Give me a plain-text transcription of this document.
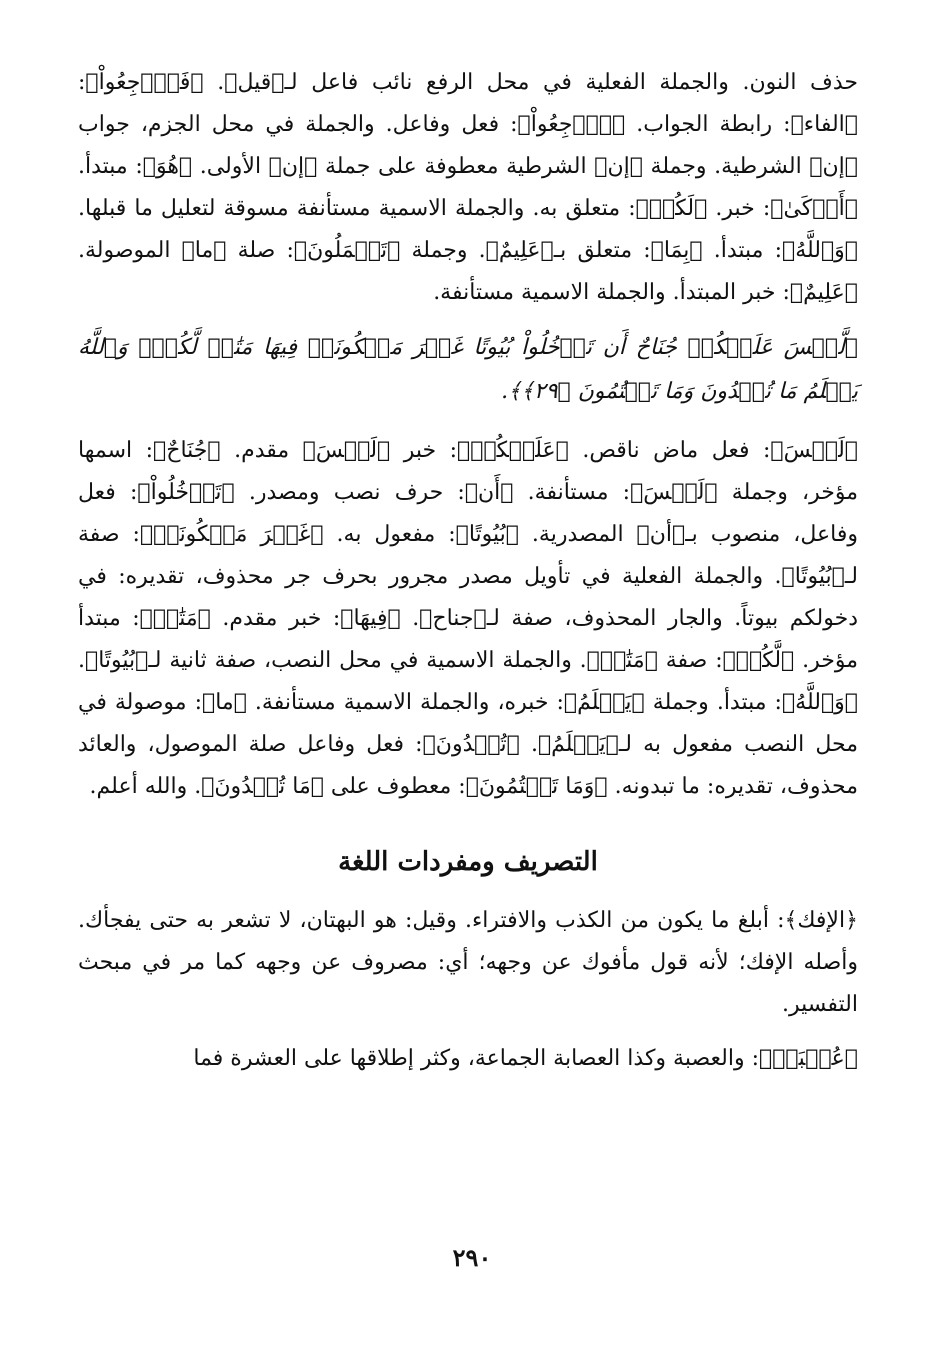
حذف النون. والجملة الفعلية في محل الرفع نائب فاعل لـ﴿قيل﴾. ﴿فَٱرۡجِعُواْ﴾: ﴿الفاء﴾: رابطة الجواب. ﴿ٱرۡجِعُواْ﴾: فعل وفاعل. والجملة في محل الجزم، جواب ﴿إن﴾ الشرطية. وجملة ﴿إن﴾ الشرطية معطوفة على جملة ﴿إن﴾ الأولى. ﴿هُوَ﴾: مبتدأ. ﴿أَزۡكَىٰ﴾: خبر. ﴿لَكُمۡ﴾: متعلق به. والجملة الاسمية مستأنفة مسوقة لتعليل ما قبلها. ﴿وَٱللَّهُ﴾: مبتدأ. ﴿بِمَا﴾: متعلق بـ﴿عَلِيمٌ﴾. وجملة ﴿تَعۡمَلُونَ﴾: صلة ﴿ما﴾ الموصولة. ﴿عَلِيمٌ﴾: خبر المبتدأ. والجملة الاسمية مستأنفة.

﴿لَّيۡسَ عَلَيۡكُمۡ جُنَاحٌ أَن تَدۡخُلُواْ بُيُوتًا غَيۡرَ مَسۡكُونَةٖ فِيهَا مَتَٰعٞ لَّكُمۡۚ وَٱللَّهُ يَعۡلَمُ مَا تُبۡدُونَ وَمَا تَكۡتُمُونَ ﴿٢٩﴾﴾.

﴿لَيۡسَ﴾: فعل ماض ناقص. ﴿عَلَيۡكُمۡ﴾: خبر ﴿لَيۡسَ﴾ مقدم. ﴿جُنَاحٌ﴾: اسمها مؤخر، وجملة ﴿لَيۡسَ﴾: مستأنفة. ﴿أَن﴾: حرف نصب ومصدر. ﴿تَدۡخُلُواْ﴾: فعل وفاعل، منصوب بـ﴿أن﴾ المصدرية. ﴿بُيُوتًا﴾: مفعول به. ﴿غَيۡرَ مَسۡكُونَةٖ﴾: صفة لـ﴿بُيُوتًا﴾. والجملة الفعلية في تأويل مصدر مجرور بحرف جر محذوف، تقديره: في دخولكم بيوتاً. والجار المحذوف، صفة لـ﴿جناح﴾. ﴿فِيهَا﴾: خبر مقدم. ﴿مَتَٰعٞ﴾: مبتدأ مؤخر. ﴿لَّكُمۡ﴾: صفة ﴿مَتَٰعٞ﴾. والجملة الاسمية في محل النصب، صفة ثانية لـ﴿بُيُوتًا﴾. ﴿وَٱللَّهُ﴾: مبتدأ. وجملة ﴿يَعۡلَمُ﴾: خبره، والجملة الاسمية مستأنفة. ﴿ما﴾: موصولة في محل النصب مفعول به لـ﴿يَعۡلَمُ﴾. ﴿تُبۡدُونَ﴾: فعل وفاعل صلة الموصول، والعائد محذوف، تقديره: ما تبدونه. ﴿وَمَا تَكۡتُمُونَ﴾: معطوف على ﴿مَا تُبۡدُونَ﴾. والله أعلم.

التصريف ومفردات اللغة

﴿الإفك﴾: أبلغ ما يكون من الكذب والافتراء. وقيل: هو البهتان، لا تشعر به حتى يفجأك. وأصله الإفك؛ لأنه قول مأفوك عن وجهه؛ أي: مصروف عن وجهه كما مر في مبحث التفسير.

﴿عُصۡبَةٞ﴾: والعصبة وكذا العصابة الجماعة، وكثر إطلاقها على العشرة فما

٢٩٠
